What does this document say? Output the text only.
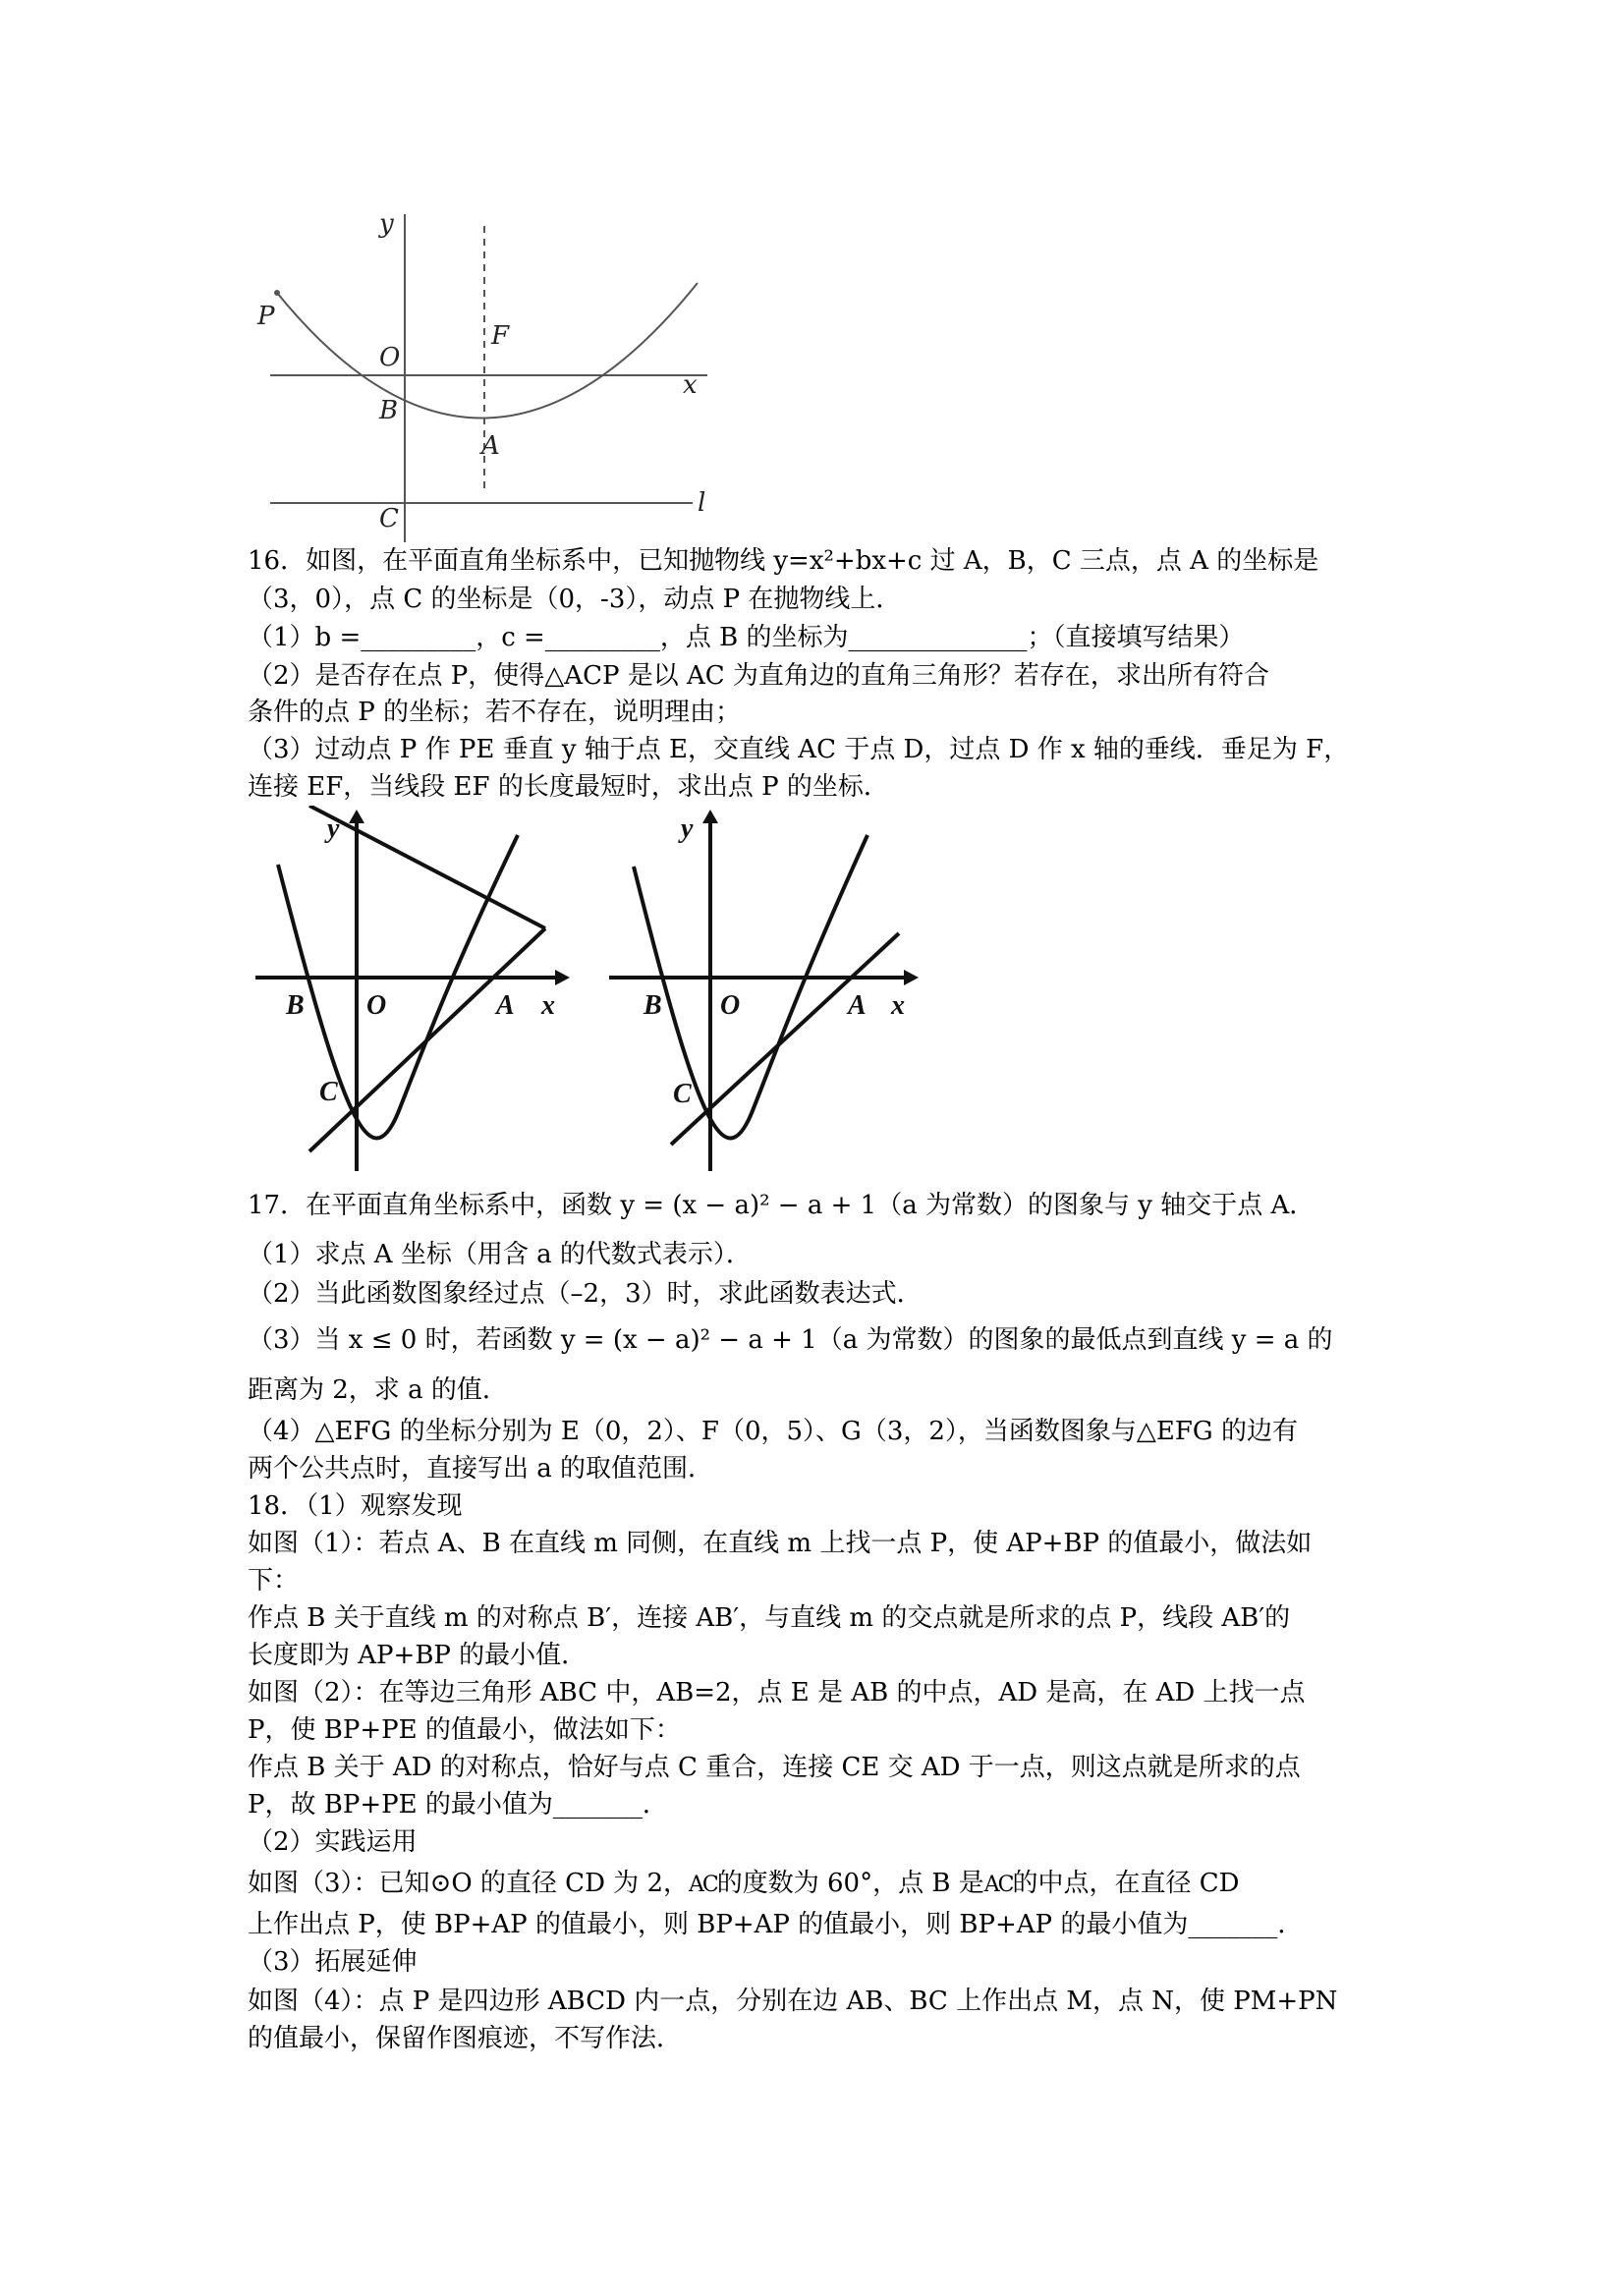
y
P
O
F
x
B
A
C
l
16．如图，在平面直角坐标系中，已知抛物线 y=x²+bx+c 过 A，B，C 三点，点 A 的坐标是
（3，0），点 C 的坐标是（0，-3），动点 P 在抛物线上．
（1）b =_________，c =_________，点 B 的坐标为______________；（直接填写结果）
（2）是否存在点 P，使得△ACP 是以 AC 为直角边的直角三角形？若存在，求出所有符合
条件的点 P 的坐标；若不存在，说明理由；
（3）过动点 P 作 PE 垂直 y 轴于点 E，交直线 AC 于点 D，过点 D 作 x 轴的垂线．垂足为 F，
连接 EF，当线段 EF 的长度最短时，求出点 P 的坐标．
y
B O	A x
C
y
B O	A x
C
17．在平面直角坐标系中，函数 y = (x − a)² − a + 1（a 为常数）的图象与 y 轴交于点 A．
（1）求点 A 坐标（用含 a 的代数式表示）．
（2）当此函数图象经过点（–2，3）时，求此函数表达式．
（3）当 x ≤ 0 时，若函数 y = (x − a)² − a + 1（a 为常数）的图象的最低点到直线 y = a 的
距离为 2，求 a 的值．
（4）△EFG 的坐标分别为 E（0，2）、F（0，5）、G（3，2），当函数图象与△EFG 的边有
两个公共点时，直接写出 a 的取值范围．
18．（1）观察发现
如图（1）：若点 A、B 在直线 m 同侧，在直线 m 上找一点 P，使 AP+BP 的值最小，做法如
下：
作点 B 关于直线 m 的对称点 B′，连接 AB′，与直线 m 的交点就是所求的点 P，线段 AB′的
长度即为 AP+BP 的最小值．
如图（2）：在等边三角形 ABC 中，AB=2，点 E 是 AB 的中点，AD 是高，在 AD 上找一点
P，使 BP+PE 的值最小，做法如下：
作点 B 关于 AD 的对称点，恰好与点 C 重合，连接 CE 交 AD 于一点，则这点就是所求的点
P，故 BP+PE 的最小值为_______．
（2）实践运用
如图（3）：已知⊙O 的直径 CD 为 2，AC的度数为 60°，点 B 是AC的中点，在直径 CD
上作出点 P，使 BP+AP 的值最小，则 BP+AP 的值最小，则 BP+AP 的最小值为_______．
（3）拓展延伸
如图（4）：点 P 是四边形 ABCD 内一点，分别在边 AB、BC 上作出点 M，点 N，使 PM+PN
的值最小，保留作图痕迹，不写作法．
